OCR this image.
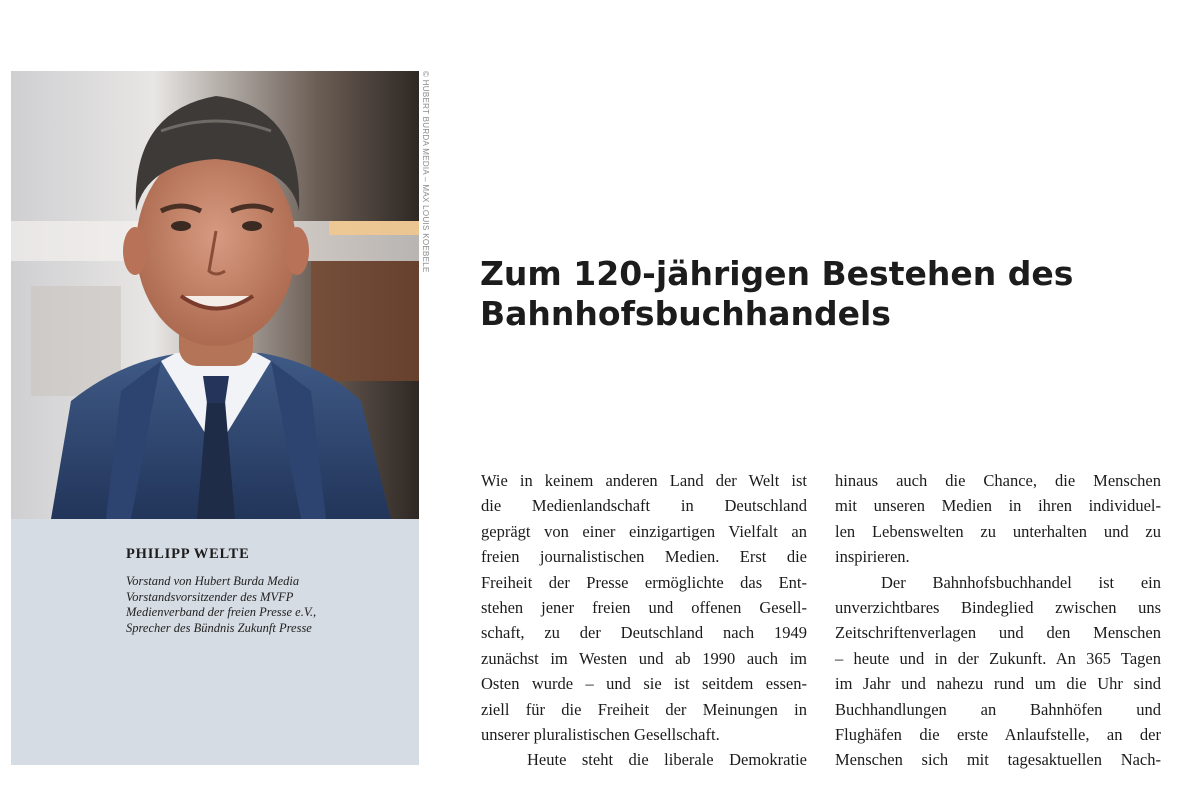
© HUBERT BURDA MEDIA – MAX LOUIS KOEBELE
PHILIPP WELTE
Vorstand von Hubert Burda Media
Vorstandsvorsitzender des MVFP
Medienverband der freien Presse e.V.,
Sprecher des Bündnis Zukunft Presse
Zum 120-jährigen Bestehen des
Bahnhofsbuchhandels
Wie in keinem anderen Land der Welt ist
die Medienlandschaft in Deutschland
geprägt von einer einzigartigen Vielfalt an
freien journalistischen Medien. Erst die
Freiheit der Presse ermöglichte das Ent-
stehen jener freien und offenen Gesell-
schaft, zu der Deutschland nach 1949
zunächst im Westen und ab 1990 auch im
Osten wurde – und sie ist seitdem essen-
ziell für die Freiheit der Meinungen in
unserer pluralistischen Gesellschaft.
Heute steht die liberale Demokratie
hinaus auch die Chance, die Menschen
mit unseren Medien in ihren individuel-
len Lebenswelten zu unterhalten und zu
inspirieren.
Der Bahnhofsbuchhandel ist ein
unverzichtbares Bindeglied zwischen uns
Zeitschriftenverlagen und den Menschen
– heute und in der Zukunft. An 365 Tagen
im Jahr und nahezu rund um die Uhr sind
Buchhandlungen an Bahnhöfen und
Flughäfen die erste Anlaufstelle, an der
Menschen sich mit tagesaktuellen Nach-
